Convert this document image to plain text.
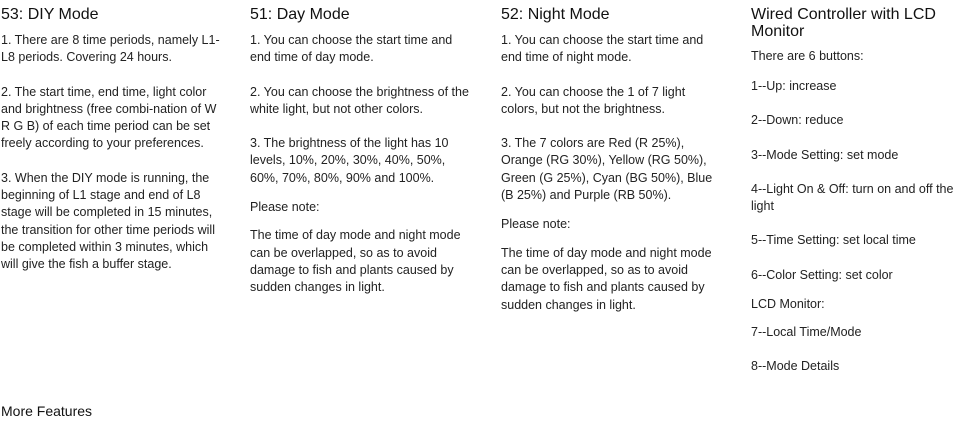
53: DIY Mode

1. There are 8 time periods, namely L1-L8 periods. Covering 24 hours.

2. The start time, end time, light color and brightness (free combi-nation of W R G B) of each time period can be set freely according to your preferences.

3. When the DIY mode is running, the beginning of L1 stage and end of L8 stage will be completed in 15 minutes, the transition for other time periods will be completed within 3 minutes, which will give the fish a buffer stage.

51: Day Mode

1. You can choose the start time and end time of day mode.

2. You can choose the brightness of the white light, but not other colors.

3. The brightness of the light has 10 levels, 10%, 20%, 30%, 40%, 50%, 60%, 70%, 80%, 90% and 100%.

Please note:

The time of day mode and night mode can be overlapped, so as to avoid damage to fish and plants caused by sudden changes in light.

52: Night Mode

1. You can choose the start time and end time of night mode.

2. You can choose the 1 of 7 light colors, but not the brightness.

3. The 7 colors are Red (R 25%), Orange (RG 30%), Yellow (RG 50%), Green (G 25%), Cyan (BG 50%), Blue (B 25%) and Purple (RB 50%).

Please note:

The time of day mode and night mode can be overlapped, so as to avoid damage to fish and plants caused by sudden changes in light.

Wired Controller with LCD Monitor

There are 6 buttons:

1--Up: increase

2--Down: reduce

3--Mode Setting: set mode

4--Light On & Off: turn on and off the light

5--Time Setting: set local time

6--Color Setting: set color

LCD Monitor:

7--Local Time/Mode

8--Mode Details

More Features
